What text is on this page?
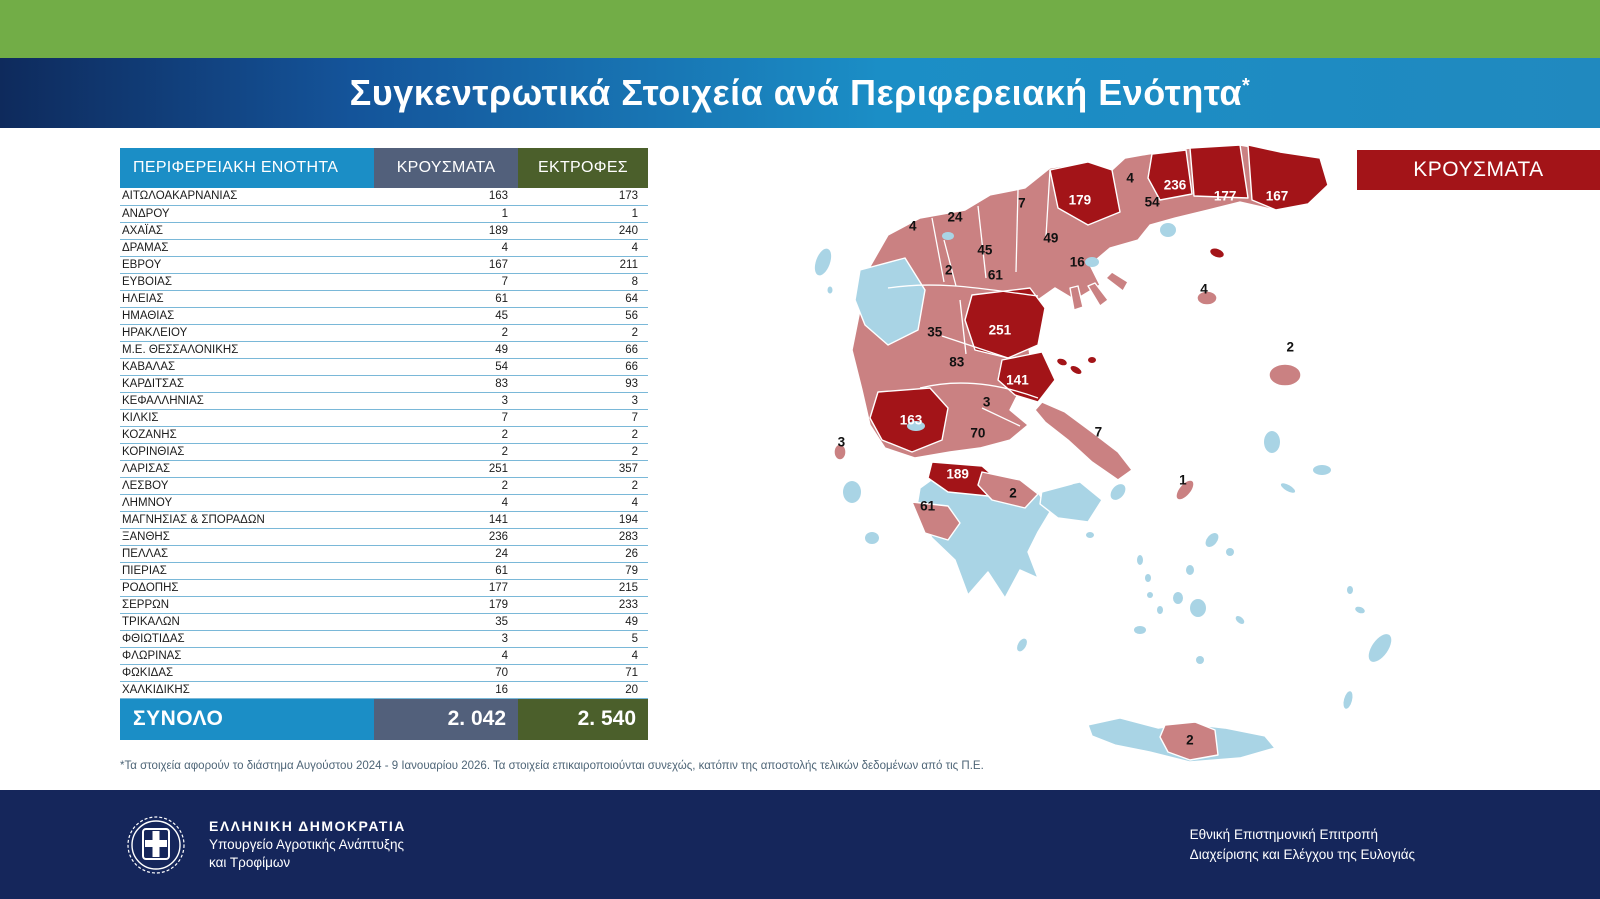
Συγκεντρωτικά Στοιχεία ανά Περιφερειακή Ενότητα*
ΠΕΡΙΦΕΡΕΙΑΚΗ ΕΝΟΤΗΤΑ	ΚΡΟΥΣΜΑΤΑ	ΕΚΤΡΟΦΕΣ
ΑΙΤΩΛΟΑΚΑΡΝΑΝΙΑΣ	163	173
ΑΝΔΡΟΥ	1	1
ΑΧΑΪΑΣ	189	240
ΔΡΑΜΑΣ	4	4
ΕΒΡΟΥ	167	211
ΕΥΒΟΙΑΣ	7	8
ΗΛΕΙΑΣ	61	64
ΗΜΑΘΙΑΣ	45	56
ΗΡΑΚΛΕΙΟΥ	2	2
Μ.Ε. ΘΕΣΣΑΛΟΝΙΚΗΣ	49	66
ΚΑΒΑΛΑΣ	54	66
ΚΑΡΔΙΤΣΑΣ	83	93
ΚΕΦΑΛΛΗΝΙΑΣ	3	3
ΚΙΛΚΙΣ	7	7
ΚΟΖΑΝΗΣ	2	2
ΚΟΡΙΝΘΙΑΣ	2	2
ΛΑΡΙΣΑΣ	251	357
ΛΕΣΒΟΥ	2	2
ΛΗΜΝΟΥ	4	4
ΜΑΓΝΗΣΙΑΣ & ΣΠΟΡΑΔΩΝ	141	194
ΞΑΝΘΗΣ	236	283
ΠΕΛΛΑΣ	24	26
ΠΙΕΡΙΑΣ	61	79
ΡΟΔΟΠΗΣ	177	215
ΣΕΡΡΩΝ	179	233
ΤΡΙΚΑΛΩΝ	35	49
ΦΘΙΩΤΙΔΑΣ	3	5
ΦΛΩΡΙΝΑΣ	4	4
ΦΩΚΙΔΑΣ	70	71
ΧΑΛΚΙΔΙΚΗΣ	16	20
ΣΥΝΟΛΟ	2. 042	2. 540
ΚΡΟΥΣΜΑΤΑ
4
24
7	179
4
54
236
177 167
49
45
2	61
16
35	251
83
141
3
163
70	7
3
189
2
61
1
4
2
2
*Τα στοιχεία αφορούν το διάστημα Αυγούστου 2024 - 9 Ιανουαρίου 2026. Τα στοιχεία επικαιροποιούνται συνεχώς, κατόπιν της αποστολής τελικών δεδομένων από τις Π.Ε.
ΕΛΛΗΝΙΚΗ ΔΗΜΟΚΡΑΤΙΑ
Υπουργείο Αγροτικής Ανάπτυξης
και Τροφίμων
Εθνική Επιστημονική Επιτροπή
Διαχείρισης και Ελέγχου της Ευλογιάς
